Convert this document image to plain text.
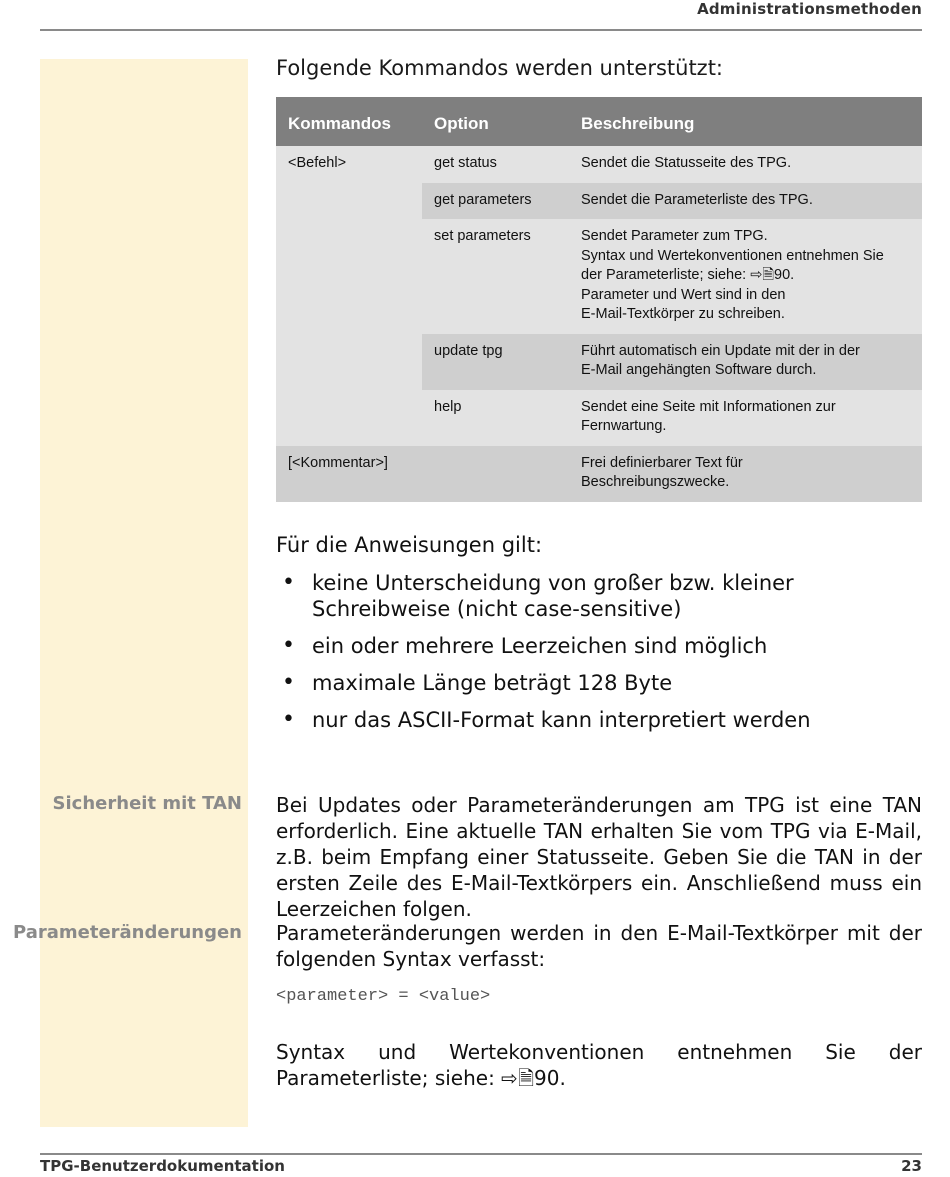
Administrationsmethoden
Folgende Kommandos werden unterstützt:
Kommandos	Option	Beschreibung
<Befehl>	get status	Sendet die Statusseite des TPG.

	get parameters	Sendet die Parameterliste des TPG.

	set parameters	Sendet Parameter zum TPG.
Syntax und Wertekonventionen entnehmen Sie
der Parameterliste; siehe: ⇨🗎90.
Parameter und Wert sind in den
E-Mail-Textkörper zu schreiben.

	update tpg	Führt automatisch ein Update mit der in der
E-Mail angehängten Software durch.

	help	Sendet eine Seite mit Informationen zur
Fernwartung.

[<Kommentar>]		Frei definierbarer Text für
Beschreibungszwecke.
Für die Anweisungen gilt:
• keine Unterscheidung von großer bzw. kleiner Schreibweise (nicht case-sensitive)
• ein oder mehrere Leerzeichen sind möglich
• maximale Länge beträgt 128 Byte
• nur das ASCII-Format kann interpretiert werden
Sicherheit mit TAN Bei Updates oder Parameteränderungen am TPG ist eine TAN erforderlich. Eine aktuelle TAN erhalten Sie vom TPG via E-Mail, z.B. beim Empfang einer Statusseite. Geben Sie die TAN in der ersten Zeile des E-Mail-Textkörpers ein. Anschließend muss ein Leerzeichen folgen.
Parameteränderungen Parameteränderungen werden in den E-Mail-Textkörper mit der folgenden Syntax verfasst:
<parameter> = <value>
Syntax und Wertekonventionen entnehmen Sie der Parameterliste; siehe: ⇨🗎90.
TPG-Benutzerdokumentation	23
